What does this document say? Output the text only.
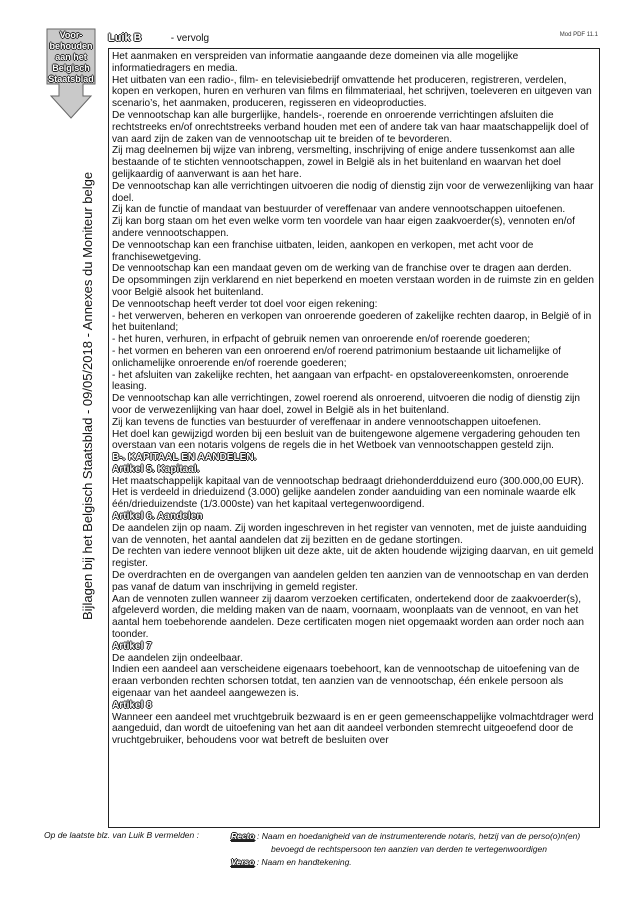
Voor-
behouden
aan het
Belgisch
Staatsblad
Bijlagen bij het Belgisch Staatsblad - 09/05/2018 - Annexes du Moniteur belge
Luik B	- vervolg	Mod PDF 11.1

Het aanmaken en verspreiden van informatie aangaande deze domeinen via alle mogelijke informatiedragers en media.

Het uitbaten van een radio-, film- en televisiebedrijf omvattende het produceren, registreren, verdelen, kopen en verkopen, huren en verhuren van films en filmmateriaal, het schrijven, toeleveren en uitgeven van scenario’s, het aanmaken, produceren, regisseren en videoproducties.

De vennootschap kan alle burgerlijke, handels-, roerende en onroerende verrichtingen afsluiten die rechtstreeks en/of onrechtstreeks verband houden met een of andere tak van haar maatschappelijk doel of van aard zijn de zaken van de vennootschap uit te breiden of te bevorderen.

Zij mag deelnemen bij wijze van inbreng, versmelting, inschrijving of enige andere tussenkomst aan alle bestaande of te stichten vennootschappen, zowel in België als in het buitenland en waarvan het doel gelijkaardig of aanverwant is aan het hare.

De vennootschap kan alle verrichtingen uitvoeren die nodig of dienstig zijn voor de verwezenlijking van haar doel.

Zij kan de functie of mandaat van bestuurder of vereffenaar van andere vennootschappen uitoefenen.

Zij kan borg staan om het even welke vorm ten voordele van haar eigen zaakvoerder(s), vennoten en/of andere vennootschappen.

De vennootschap kan een franchise uitbaten, leiden, aankopen en verkopen, met acht voor de franchisewetgeving.

De vennootschap kan een mandaat geven om de werking van de franchise over te dragen aan derden.

De opsommingen zijn verklarend en niet beperkend en moeten verstaan worden in de ruimste zin en gelden voor België alsook het buitenland.

De vennootschap heeft verder tot doel voor eigen rekening:

- het verwerven, beheren en verkopen van onroerende goederen of zakelijke rechten daarop, in België of in het buitenland;

- het huren, verhuren, in erfpacht of gebruik nemen van onroerende en/of roerende goederen;

- het vormen en beheren van een onroerend en/of roerend patrimonium bestaande uit lichamelijke of onlichamelijke onroerende en/of roerende goederen;

- het afsluiten van zakelijke rechten, het aangaan van erfpacht- en opstalovereenkomsten, onroerende leasing.

De vennootschap kan alle verrichtingen, zowel roerend als onroerend, uitvoeren die nodig of dienstig zijn voor de verwezenlijking van haar doel, zowel in België als in het buitenland.

Zij kan tevens de functies van bestuurder of vereffenaar in andere vennootschappen uitoefenen.

Het doel kan gewijzigd worden bij een besluit van de buitengewone algemene vergadering gehouden ten overstaan van een notaris volgens de regels die in het Wetboek van vennootschappen gesteld zijn.

B-. KAPITAAL EN AANDELEN.

Artikel 5. Kapitaal.

Het maatschappelijk kapitaal van de vennootschap bedraagt driehonderdduizend euro (300.000,00 EUR). Het is verdeeld in drieduizend (3.000) gelijke aandelen zonder aanduiding van een nominale waarde elk één/drieduizendste (1/3.000ste) van het kapitaal vertegenwoordigend.

Artikel 6. Aandelen

De aandelen zijn op naam. Zij worden ingeschreven in het register van vennoten, met de juiste aanduiding van de vennoten, het aantal aandelen dat zij bezitten en de gedane stortingen.

De rechten van iedere vennoot blijken uit deze akte, uit de akten houdende wijziging daarvan, en uit gemeld register.

De overdrachten en de overgangen van aandelen gelden ten aanzien van de vennootschap en van derden pas vanaf de datum van inschrijving in gemeld register.

Aan de vennoten zullen wanneer zij daarom verzoeken certificaten, ondertekend door de zaakvoerder(s), afgeleverd worden, die melding maken van de naam, voornaam, woonplaats van de vennoot, en van het aantal hem toebehorende aandelen. Deze certificaten mogen niet opgemaakt worden aan order noch aan toonder.

Artikel 7

De aandelen zijn ondeelbaar.

Indien een aandeel aan verscheidene eigenaars toebehoort, kan de vennootschap de uitoefening van de eraan verbonden rechten schorsen totdat, ten aanzien van de vennootschap, één enkele persoon als eigenaar van het aandeel aangewezen is.

Artikel 8

Wanneer een aandeel met vruchtgebruik bezwaard is en er geen gemeenschappelijke volmachtdrager werd aangeduid, dan wordt de uitoefening van het aan dit aandeel verbonden stemrecht uitgeoefend door de vruchtgebruiker, behoudens voor wat betreft de besluiten over

Op de laatste blz. van Luik B vermelden :	Recto : Naam en hoedanigheid van de instrumenterende notaris, hetzij van de perso(o)n(en)
bevoegd de rechtspersoon ten aanzien van derden te vertegenwoordigen
Verso : Naam en handtekening.
